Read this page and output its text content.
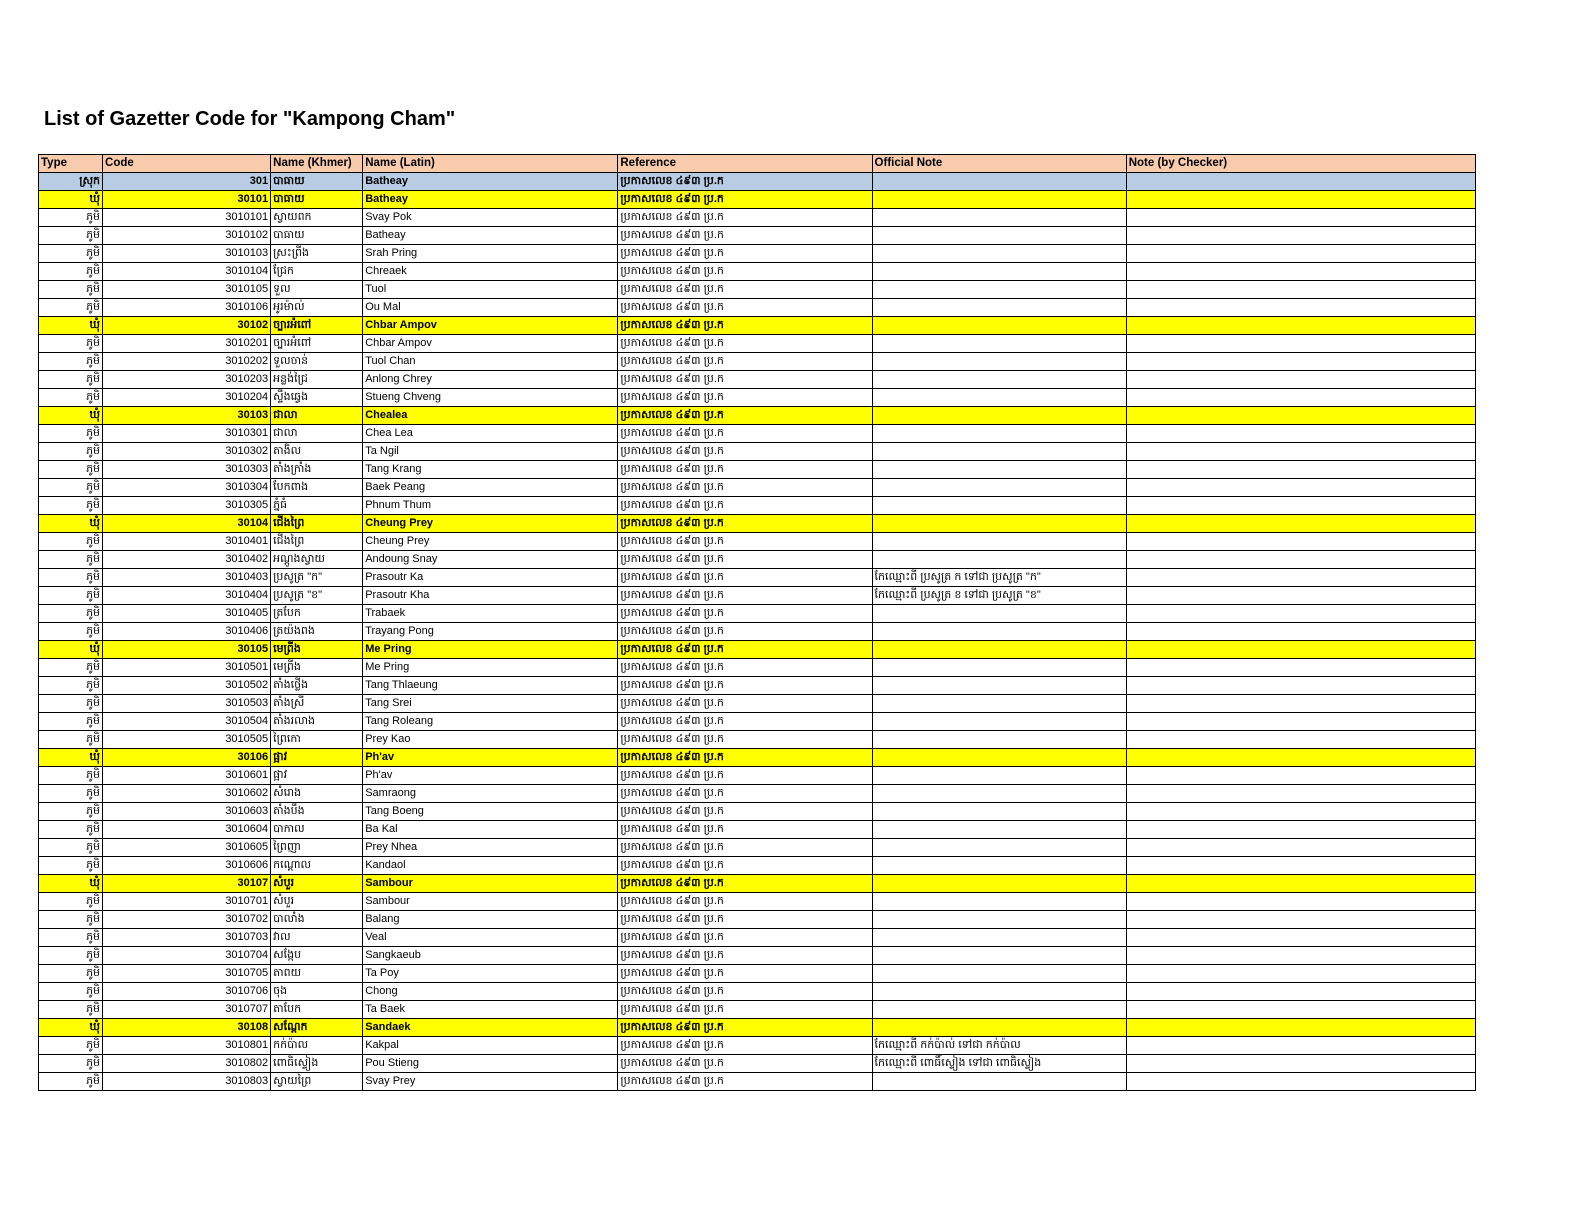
List of Gazetter Code for "Kampong Cham"
Type	Code	Name (Khmer)	Name (Latin)	Reference	Official Note	Note (by Checker)
ស្រុក	301	បាធាយ	Batheay	ប្រកាសលេខ ៤៩៣ ប្រ.ក		
ឃុំ	30101	បាធាយ	Batheay	ប្រកាសលេខ ៤៩៣ ប្រ.ក		
ភូមិ	3010101	ស្វាយពក	Svay Pok	ប្រកាសលេខ ៤៩៣ ប្រ.ក		
ភូមិ	3010102	បាធាយ	Batheay	ប្រកាសលេខ ៤៩៣ ប្រ.ក		
ភូមិ	3010103	ស្រះព្រីង	Srah Pring	ប្រកាសលេខ ៤៩៣ ប្រ.ក		
ភូមិ	3010104	ជ្រែក	Chreaek	ប្រកាសលេខ ៤៩៣ ប្រ.ក		
ភូមិ	3010105	ទួល	Tuol	ប្រកាសលេខ ៤៩៣ ប្រ.ក		
ភូមិ	3010106	អូរម៉ាល់	Ou Mal	ប្រកាសលេខ ៤៩៣ ប្រ.ក		
ឃុំ	30102	ច្បារអំពៅ	Chbar Ampov	ប្រកាសលេខ ៤៩៣ ប្រ.ក		
ភូមិ	3010201	ច្បារអំពៅ	Chbar Ampov	ប្រកាសលេខ ៤៩៣ ប្រ.ក		
ភូមិ	3010202	ទួលចាន់	Tuol Chan	ប្រកាសលេខ ៤៩៣ ប្រ.ក		
ភូមិ	3010203	អន្លង់ជ្រៃ	Anlong Chrey	ប្រកាសលេខ ៤៩៣ ប្រ.ក		
ភូមិ	3010204	ស្ទឹងឆ្វេង	Stueng Chveng	ប្រកាសលេខ ៤៩៣ ប្រ.ក		
ឃុំ	30103	ជាលា	Chealea	ប្រកាសលេខ ៤៩៣ ប្រ.ក		
ភូមិ	3010301	ជាលា	Chea Lea	ប្រកាសលេខ ៤៩៣ ប្រ.ក		
ភូមិ	3010302	តាងិល	Ta Ngil	ប្រកាសលេខ ៤៩៣ ប្រ.ក		
ភូមិ	3010303	តាំងក្រាំង	Tang Krang	ប្រកាសលេខ ៤៩៣ ប្រ.ក		
ភូមិ	3010304	បែកពាង	Baek Peang	ប្រកាសលេខ ៤៩៣ ប្រ.ក		
ភូមិ	3010305	ភ្នំធំ	Phnum Thum	ប្រកាសលេខ ៤៩៣ ប្រ.ក		
ឃុំ	30104	ជើងព្រៃ	Cheung Prey	ប្រកាសលេខ ៤៩៣ ប្រ.ក		
ភូមិ	3010401	ជើងព្រៃ	Cheung Prey	ប្រកាសលេខ ៤៩៣ ប្រ.ក		
ភូមិ	3010402	អណ្តូងស្វាយ	Andoung Snay	ប្រកាសលេខ ៤៩៣ ប្រ.ក		
ភូមិ	3010403	ប្រសូត្រ "ក"	Prasoutr Ka	ប្រកាសលេខ ៤៩៣ ប្រ.ក	កែឈ្មោះពី ប្រសូត្រ ក ទៅជា ប្រសូត្រ "ក"	
ភូមិ	3010404	ប្រសូត្រ "ខ"	Prasoutr Kha	ប្រកាសលេខ ៤៩៣ ប្រ.ក	កែឈ្មោះពី ប្រសូត្រ ខ ទៅជា ប្រសូត្រ "ខ"	
ភូមិ	3010405	ត្របែក	Trabaek	ប្រកាសលេខ ៤៩៣ ប្រ.ក		
ភូមិ	3010406	ត្រយ៉ងពង	Trayang Pong	ប្រកាសលេខ ៤៩៣ ប្រ.ក		
ឃុំ	30105	មេព្រីង	Me Pring	ប្រកាសលេខ ៤៩៣ ប្រ.ក		
ភូមិ	3010501	មេព្រីង	Me Pring	ប្រកាសលេខ ៤៩៣ ប្រ.ក		
ភូមិ	3010502	តាំងថ្លើង	Tang Thlaeung	ប្រកាសលេខ ៤៩៣ ប្រ.ក		
ភូមិ	3010503	តាំងស្រី	Tang Srei	ប្រកាសលេខ ៤៩៣ ប្រ.ក		
ភូមិ	3010504	តាំងរលាង	Tang Roleang	ប្រកាសលេខ ៤៩៣ ប្រ.ក		
ភូមិ	3010505	ព្រៃកោ	Prey Kao	ប្រកាសលេខ ៤៩៣ ប្រ.ក		
ឃុំ	30106	ផ្អាវ	Ph'av	ប្រកាសលេខ ៤៩៣ ប្រ.ក		
ភូមិ	3010601	ផ្អាវ	Ph'av	ប្រកាសលេខ ៤៩៣ ប្រ.ក		
ភូមិ	3010602	សំរោង	Samraong	ប្រកាសលេខ ៤៩៣ ប្រ.ក		
ភូមិ	3010603	តាំងបឹង	Tang Boeng	ប្រកាសលេខ ៤៩៣ ប្រ.ក		
ភូមិ	3010604	បាកាល	Ba Kal	ប្រកាសលេខ ៤៩៣ ប្រ.ក		
ភូមិ	3010605	ព្រៃញា	Prey Nhea	ប្រកាសលេខ ៤៩៣ ប្រ.ក		
ភូមិ	3010606	កណ្តោល	Kandaol	ប្រកាសលេខ ៤៩៣ ប្រ.ក		
ឃុំ	30107	សំបួរ	Sambour	ប្រកាសលេខ ៤៩៣ ប្រ.ក		
ភូមិ	3010701	សំបួរ	Sambour	ប្រកាសលេខ ៤៩៣ ប្រ.ក		
ភូមិ	3010702	បាលាំង	Balang	ប្រកាសលេខ ៤៩៣ ប្រ.ក		
ភូមិ	3010703	វាល	Veal	ប្រកាសលេខ ៤៩៣ ប្រ.ក		
ភូមិ	3010704	សង្កែប	Sangkaeub	ប្រកាសលេខ ៤៩៣ ប្រ.ក		
ភូមិ	3010705	តាពយ	Ta Poy	ប្រកាសលេខ ៤៩៣ ប្រ.ក		
ភូមិ	3010706	ចុង	Chong	ប្រកាសលេខ ៤៩៣ ប្រ.ក		
ភូមិ	3010707	តាបែក	Ta Baek	ប្រកាសលេខ ៤៩៣ ប្រ.ក		
ឃុំ	30108	សណ្តែក	Sandaek	ប្រកាសលេខ ៤៩៣ ប្រ.ក		
ភូមិ	3010801	កក់ប៉ាល	Kakpal	ប្រកាសលេខ ៤៩៣ ប្រ.ក	កែឈ្មោះពី កក់ប៉ាល់ ទៅជា កក់ប៉ាល	
ភូមិ	3010802	ពោធិស្ទៀង	Pou Stieng	ប្រកាសលេខ ៤៩៣ ប្រ.ក	កែឈ្មោះពី ពោធិ៍ស្ទៀង ទៅជា ពោធិស្ទៀង	
ភូមិ	3010803	ស្វាយព្រៃ	Svay Prey	ប្រកាសលេខ ៤៩៣ ប្រ.ក		
